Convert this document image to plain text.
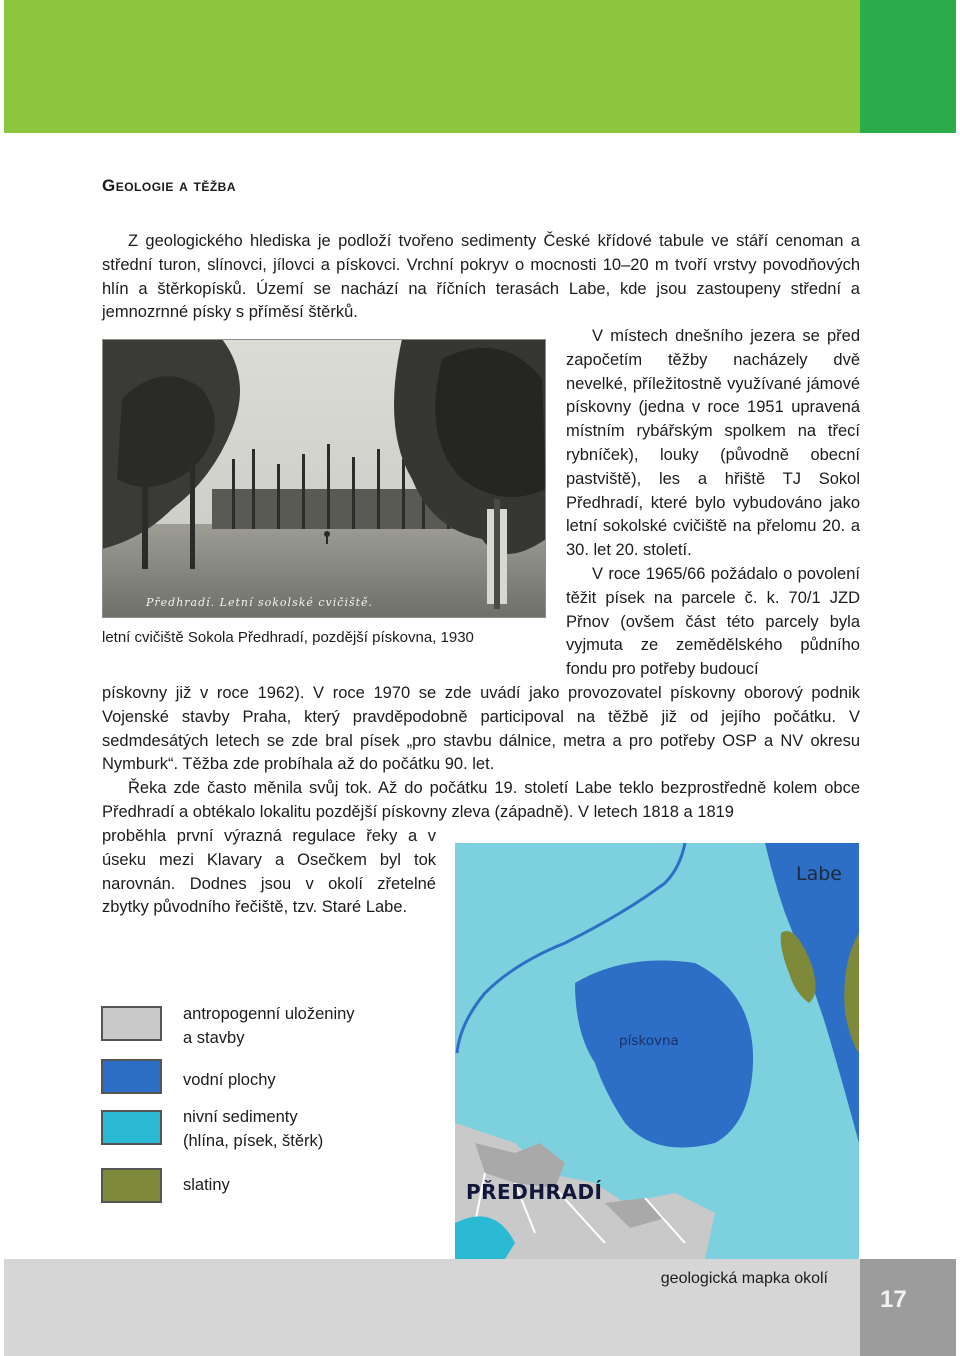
Geologie a těžba

Z geologického hlediska je podloží tvořeno sedimenty České křídové tabule ve stáří cenoman a střední turon, slínovci, jílovci a pískovci. Vrchní pokryv o mocnosti 10–20 m tvoří vrstvy povodňových hlín a štěrkopísků. Území se nachází na říčních terasách Labe, kde jsou zastoupeny střední a jemnozrnné písky s příměsí štěrků.

Předhradí. Letní sokolské cvičiště.

V místech dnešního jezera se před započetím těžby nacházely dvě nevelké, příležitostně využívané jámové pískovny (jedna v roce 1951 upravená místním rybářským spolkem na třecí rybníček), louky (původně obecní pastviště), les a hřiště TJ Sokol Předhradí, které bylo vybudováno jako letní sokolské cvičiště na přelomu 20. a 30. let 20. století.

V roce 1965/66 požádalo o povolení těžit písek na parcele č. k. 70/1 JZD Přnov (ovšem část této parcely byla vyjmuta ze zemědělského půdního fondu pro potřeby budoucí

letní cvičiště Sokola Předhradí, pozdější pískovna, 1930

pískovny již v roce 1962). V roce 1970 se zde uvádí jako provozovatel pískovny oborový podnik Vojenské stavby Praha, který pravděpodobně participoval na těžbě již od jejího počátku. V sedmdesátých letech se zde bral písek „pro stavbu dálnice, metra a pro potřeby OSP a NV okresu Nymburk“. Těžba zde probíhala až do počátku 90. let.

Řeka zde často měnila svůj tok. Až do počátku 19. století Labe teklo bezprostředně kolem obce Předhradí a obtékalo lokalitu pozdější pískovny zleva (západně). V letech 1818 a 1819

proběhla první výrazná regulace řeky a v úseku mezi Klavary a Osečkem byl tok narovnán. Dodnes jsou v okolí zřetelné zbytky původního řečiště, tzv. Staré Labe.

Labe
pískovna
PŘEDHRADÍ

antropogenní uloženiny
a stavby

vodní plochy

nivní sedimenty
(hlína, písek, štěrk)

slatiny

geologická mapka okolí

17
